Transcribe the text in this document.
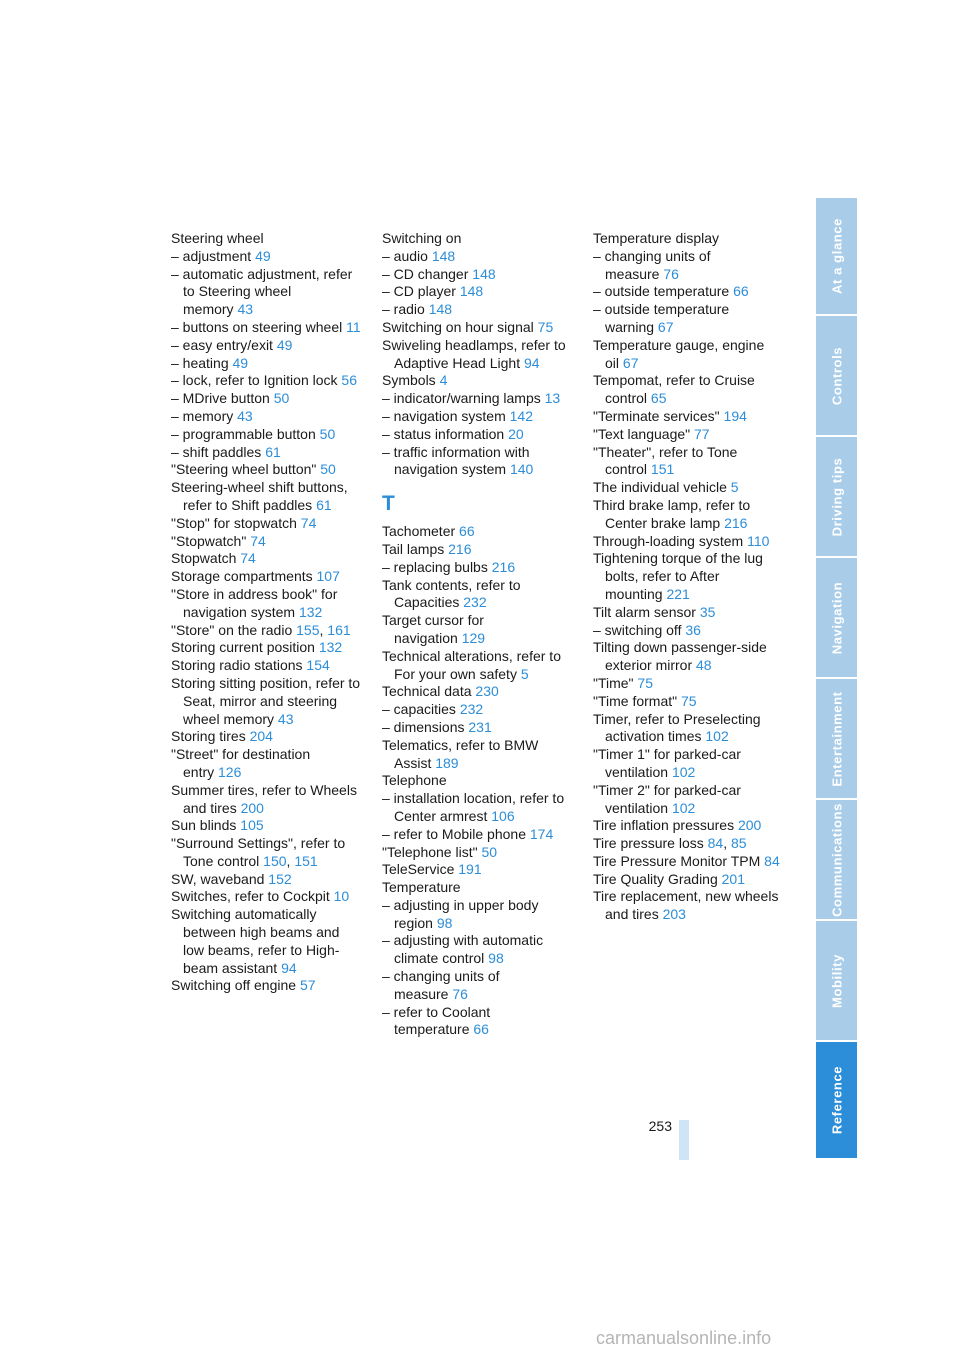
Steering wheel

– adjustment 49

– automatic adjustment, refer to Steering wheel memory 43

– buttons on steering wheel 11

– easy entry/exit 49

– heating 49

– lock, refer to Ignition lock 56

– MDrive button 50

– memory 43

– programmable button 50

– shift paddles 61

"Steering wheel button" 50

Steering-wheel shift buttons, refer to Shift paddles 61

"Stop" for stopwatch 74

"Stopwatch" 74

Stopwatch 74

Storage compartments 107

"Store in address book" for navigation system 132

"Store" on the radio 155, 161

Storing current position 132

Storing radio stations 154

Storing sitting position, refer to Seat, mirror and steering wheel memory 43

Storing tires 204

"Street" for destination entry 126

Summer tires, refer to Wheels and tires 200

Sun blinds 105

"Surround Settings", refer to Tone control 150, 151

SW, waveband 152

Switches, refer to Cockpit 10

Switching automatically between high beams and low beams, refer to High-beam assistant 94

Switching off engine 57

Switching on

– audio 148

– CD changer 148

– CD player 148

– radio 148

Switching on hour signal 75

Swiveling headlamps, refer to Adaptive Head Light 94

Symbols 4

– indicator/warning lamps 13

– navigation system 142

– status information 20

– traffic information with navigation system 140

T

Tachometer 66

Tail lamps 216

– replacing bulbs 216

Tank contents, refer to Capacities 232

Target cursor for navigation 129

Technical alterations, refer to For your own safety 5

Technical data 230

– capacities 232

– dimensions 231

Telematics, refer to BMW Assist 189

Telephone

– installation location, refer to Center armrest 106

– refer to Mobile phone 174

"Telephone list" 50

TeleService 191

Temperature

– adjusting in upper body region 98

– adjusting with automatic climate control 98

– changing units of measure 76

– refer to Coolant temperature 66

Temperature display

– changing units of measure 76

– outside temperature 66

– outside temperature warning 67

Temperature gauge, engine oil 67

Tempomat, refer to Cruise control 65

"Terminate services" 194

"Text language" 77

"Theater", refer to Tone control 151

The individual vehicle 5

Third brake lamp, refer to Center brake lamp 216

Through-loading system 110

Tightening torque of the lug bolts, refer to After mounting 221

Tilt alarm sensor 35

– switching off 36

Tilting down passenger-side exterior mirror 48

"Time" 75

"Time format" 75

Timer, refer to Preselecting activation times 102

"Timer 1" for parked-car ventilation 102

"Timer 2" for parked-car ventilation 102

Tire inflation pressures 200

Tire pressure loss 84, 85

Tire Pressure Monitor TPM 84

Tire Quality Grading 201

Tire replacement, new wheels and tires 203

253
At a glance
Controls
Driving tips
Navigation
Entertainment
Communications
Mobility
Reference
carmanualsonline.info
